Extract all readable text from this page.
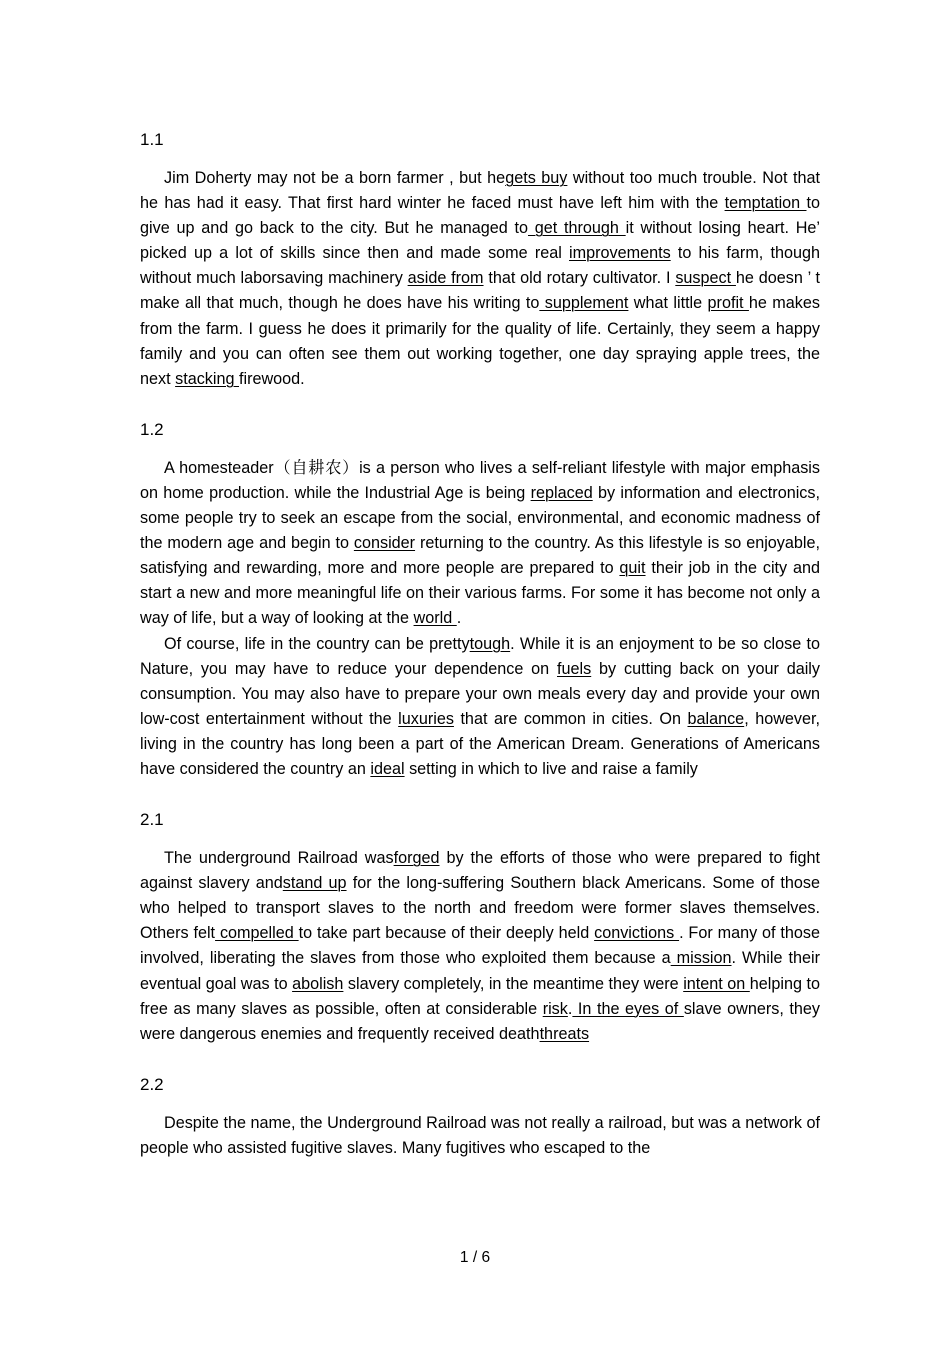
1.1

Jim Doherty may not be a born farmer , but hegets buy without too much trouble. Not that he has had it easy. That first hard winter he faced must have left him with the temptation to give up and go back to the city. But he managed to get through it without losing heart. He’ picked up a lot of skills since then and made some real improvements to his farm, though without much laborsaving machinery aside from that old rotary cultivator. I suspect he doesn ’ t make all that much, though he does have his writing to supplement what little profit he makes from the farm. I guess he does it primarily for the quality of life. Certainly, they seem a happy family and you can often see them out working together, one day spraying apple trees, the next stacking firewood.

1.2

A homesteader（自耕农）is a person who lives a self-reliant lifestyle with major emphasis on home production. while the Industrial Age is being replaced by information and electronics, some people try to seek an escape from the social, environmental, and economic madness of the modern age and begin to consider returning to the country. As this lifestyle is so enjoyable, satisfying and rewarding, more and more people are prepared to quit their job in the city and start a new and more meaningful life on their various farms. For some it has become not only a way of life, but a way of looking at the world .

Of course, life in the country can be prettytough. While it is an enjoyment to be so close to Nature, you may have to reduce your dependence on fuels by cutting back on your daily consumption. You may also have to prepare your own meals every day and provide your own low-cost entertainment without the luxuries that are common in cities. On balance, however, living in the country has long been a part of the American Dream. Generations of Americans have considered the country an ideal setting in which to live and raise a family

2.1

The underground Railroad wasforged by the efforts of those who were prepared to fight against slavery andstand up for the long-suffering Southern black Americans. Some of those who helped to transport slaves to the north and freedom were former slaves themselves. Others felt compelled to take part because of their deeply held convictions . For many of those involved, liberating the slaves from those who exploited them because a mission. While their eventual goal was to abolish slavery completely, in the meantime they were intent on helping to free as many slaves as possible, often at considerable risk. In the eyes of slave owners, they were dangerous enemies and frequently received deaththreats

2.2

Despite the name, the Underground Railroad was not really a railroad, but was a network of people who assisted fugitive slaves. Many fugitives who escaped to the

1 / 6
